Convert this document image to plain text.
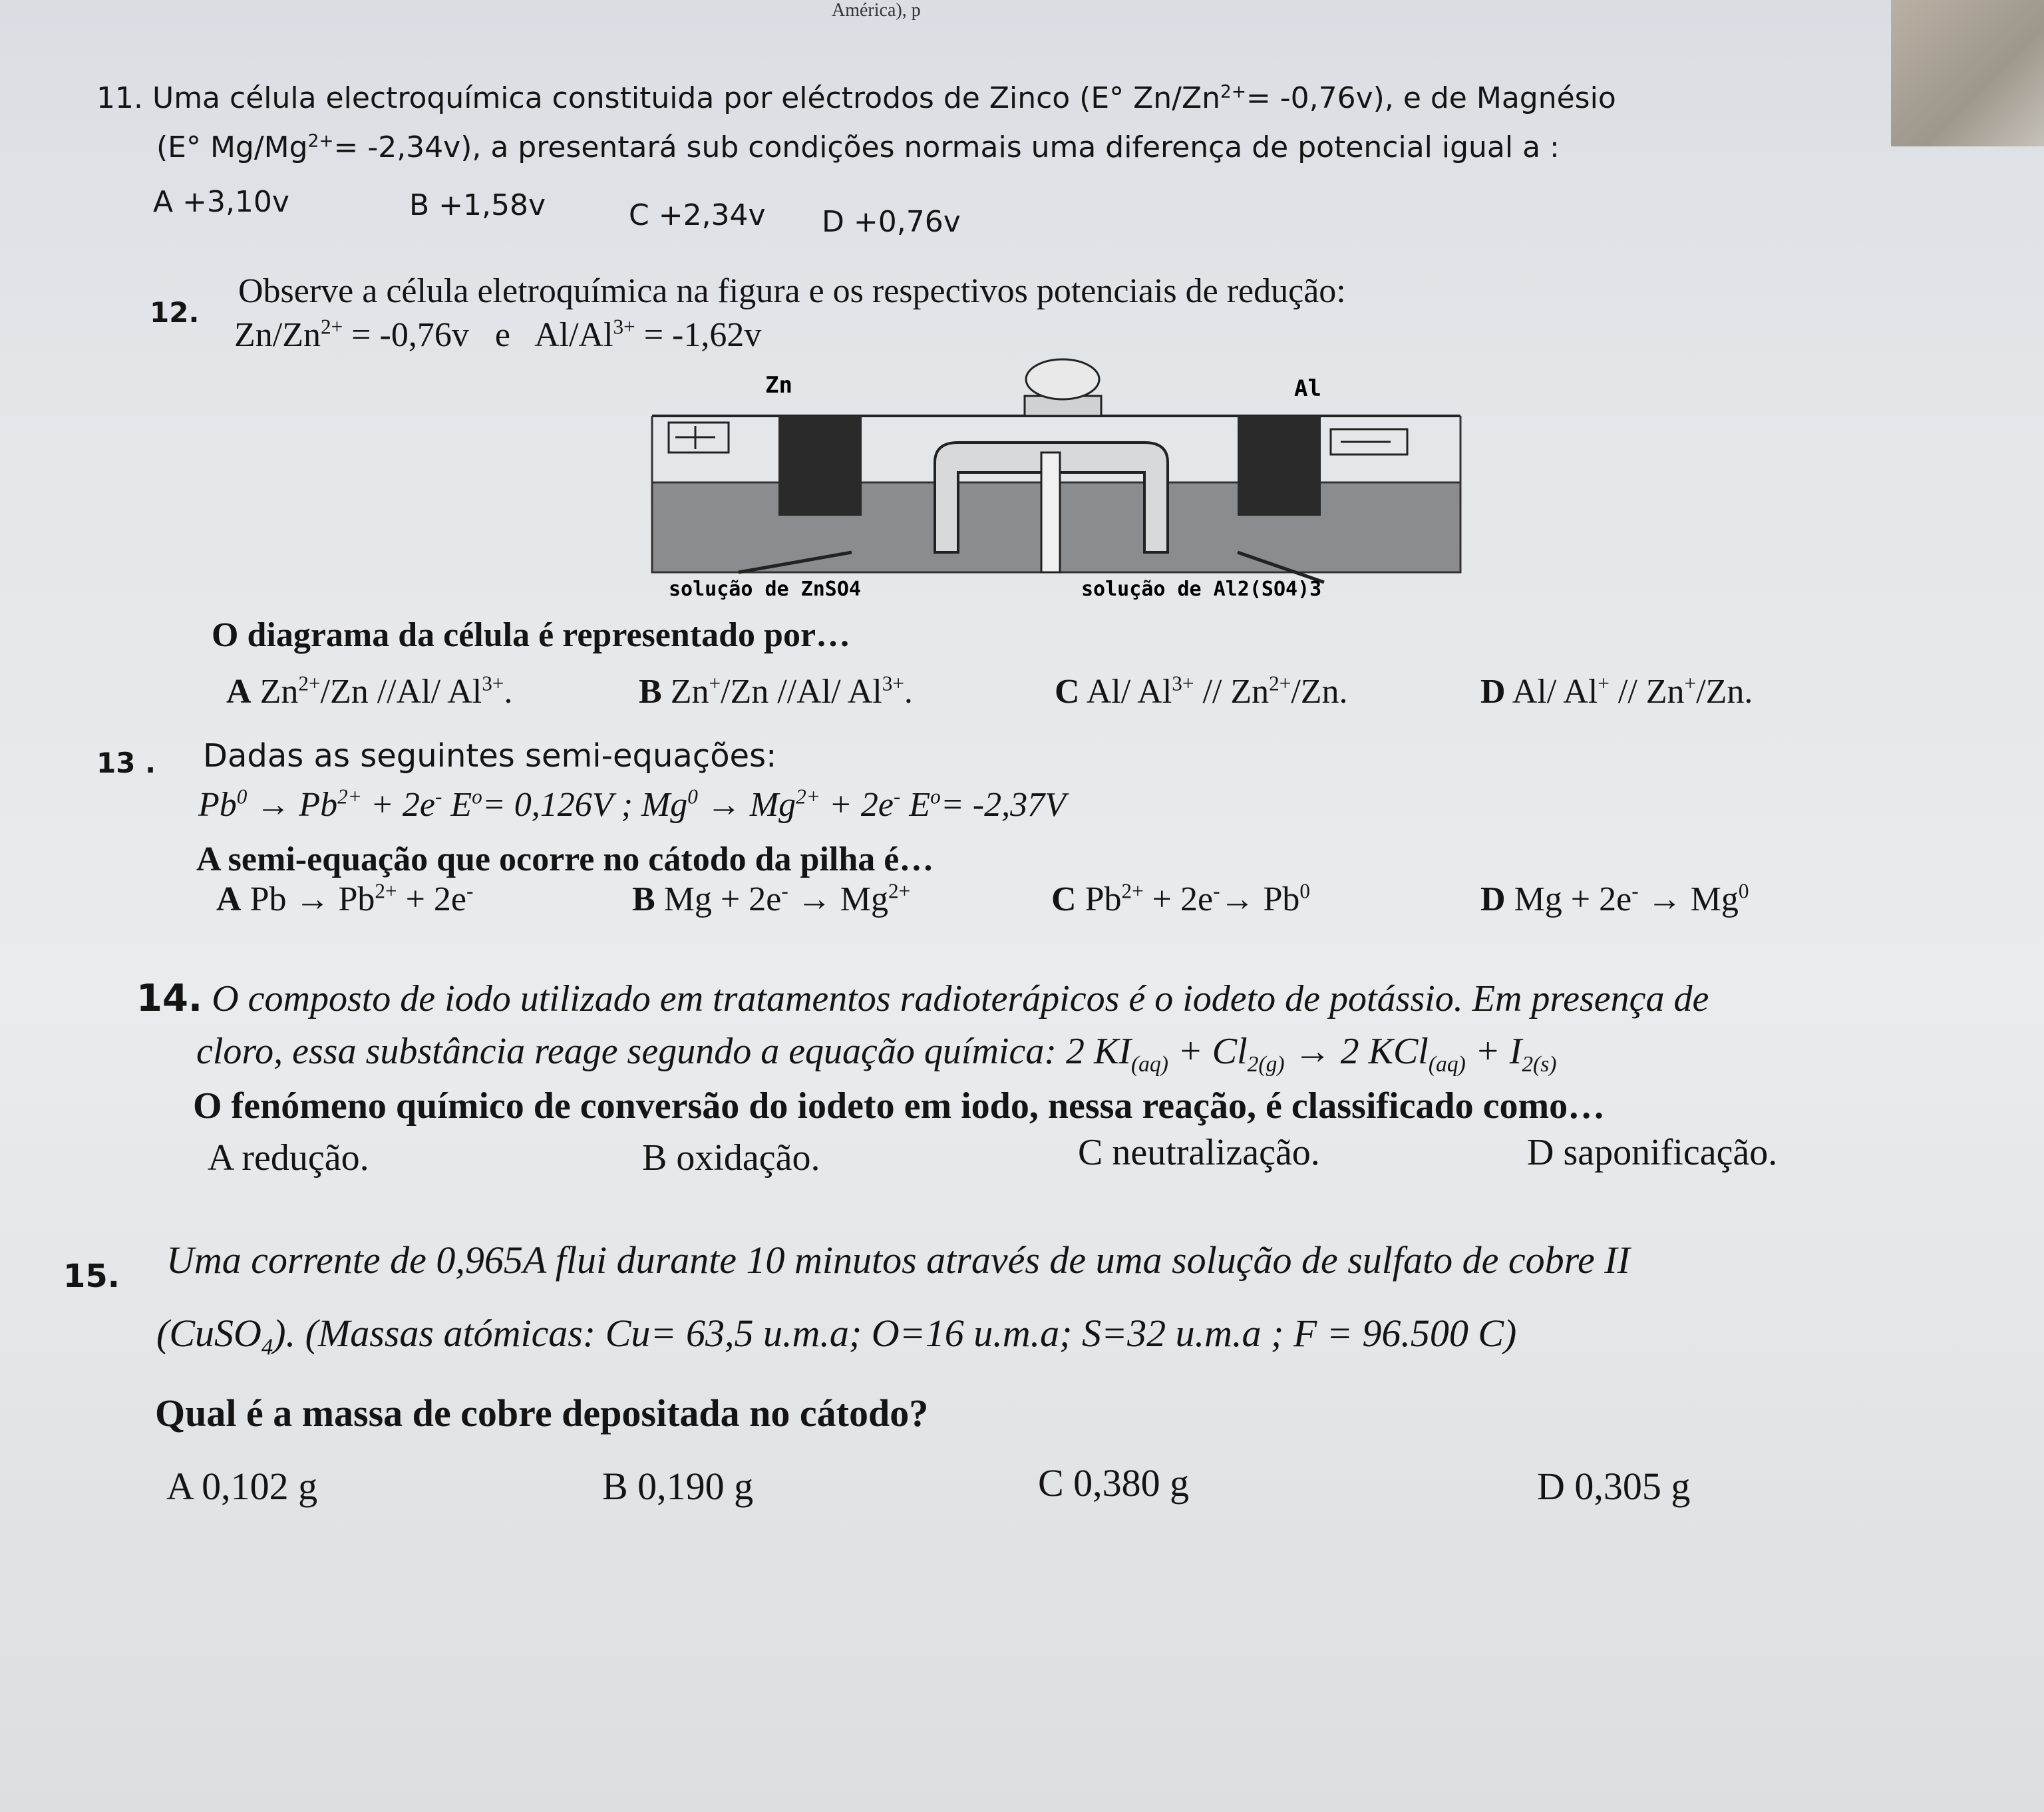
América), p
11. Uma célula electroquímica constituida por eléctrodos de Zinco (E° $Zn/Zn^{2+}= -0,76v$), e de Magnésio
(E° $Mg/Mg^{2+}= -2,34v$), a presentará sub condições normais uma diferença de potencial igual a :
A +3,10v	B +1,58v	C +2,34v D +0,76v
12.
Observe a célula eletroquímica na figura e os respectivos potenciais de redução:
$Zn/Zn^{2+} = -0,76v$ e $Al/Al^{3+} = -1,62v$
Zn	Al
solução de ZnSO4	solução de Al2(SO4)3
O diagrama da célula é representado por…
A $Zn^{2+}/Zn$ //Al/ $Al^{3+}$.	B Zn+/Zn //Al/ $Al^{3+}$.	C Al/ $Al^{3+} // Zn^{2+}/Zn$.	D Al/ Al+ // Zn+/Zn.
13 . Dadas as seguintes semi-equações:
$Pb^0 \to Pb^{2+} + 2e^-$ $E^o= 0,126V$ ; $Mg^0 \to Mg^{2+} + 2e^-$ $E^o= -2,37V$
A semi-equação que ocorre no cátodo da pilha é…
A $Pb \to Pb^{2+} + 2e^-$	B $Mg + 2e^- \to Mg^{2+}$	C $Pb^{2+} + 2e^-\to Pb^0$	D $Mg + 2e^- \to Mg^0$
14. O composto de iodo utilizado em tratamentos radioterápicos é o iodeto de potássio. Em presença de
cloro, essa substância reage segundo a equação química: 2 $KI_{(aq)} + Cl_{2(g)} \to 2$ $KCl_{(aq)} + I_{2(s)}$
O fenómeno químico de conversão do iodeto em iodo, nessa reação, é classificado como…
A redução.	B oxidação.	C neutralização.	D saponificação.
15. Uma corrente de 0,965A flui durante 10 minutos através de uma solução de sulfato de cobre II
(CuSO$_4$). (Massas atómicas: Cu= 63,5 u.m.a; O=16 u.m.a; S=32 u.m.a ; F = 96.500 C)
Qual é a massa de cobre depositada no cátodo?
A 0,102 g	B 0,190 g	C 0,380 g	D 0,305 g
